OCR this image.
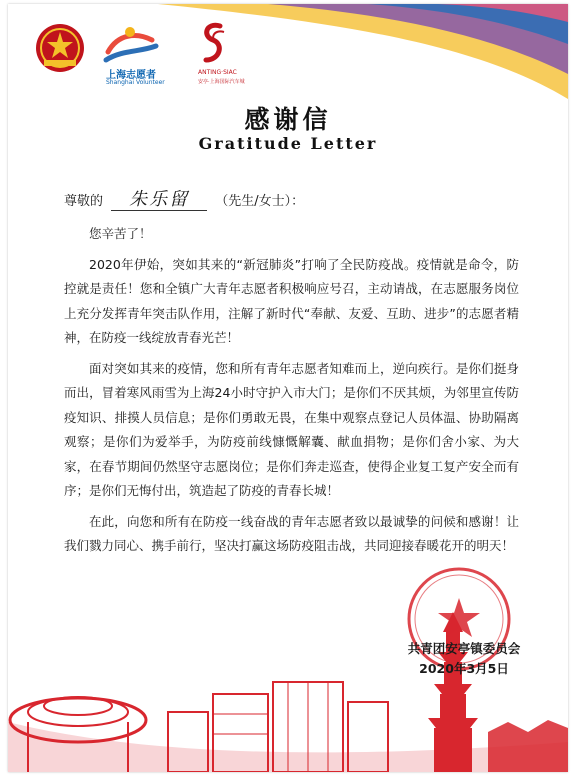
上海志愿者
Shanghai Volunteer
ANTING·SIAC
安亭·上海国际汽车城
感谢信
Gratitude Letter
尊敬的 朱乐留 （先生/女士）：

您辛苦了！

2020年伊始，突如其来的“新冠肺炎”打响了全民防疫战。疫情就是命令，防控就是责任！您和全镇广大青年志愿者积极响应号召，主动请战，在志愿服务岗位上充分发挥青年突击队作用，注解了新时代“奉献、友爱、互助、进步”的志愿者精神，在防疫一线绽放青春光芒！

面对突如其来的疫情，您和所有青年志愿者知难而上，逆向疾行。是你们挺身而出，冒着寒风雨雪为上海24小时守护入市大门；是你们不厌其烦，为邻里宣传防疫知识、排摸人员信息；是你们勇敢无畏，在集中观察点登记人员体温、协助隔离观察；是你们为爱举手，为防疫前线慷慨解囊、献血捐物；是你们舍小家、为大家，在春节期间仍然坚守志愿岗位；是你们奔走巡查，使得企业复工复产安全而有序；是你们无悔付出，筑造起了防疫的青春长城！

在此，向您和所有在防疫一线奋战的青年志愿者致以最诚挚的问候和感谢！让我们戮力同心、携手前行，坚决打赢这场防疫阻击战，共同迎接春暖花开的明天！

共青团安亭镇委员会
2020年3月5日
